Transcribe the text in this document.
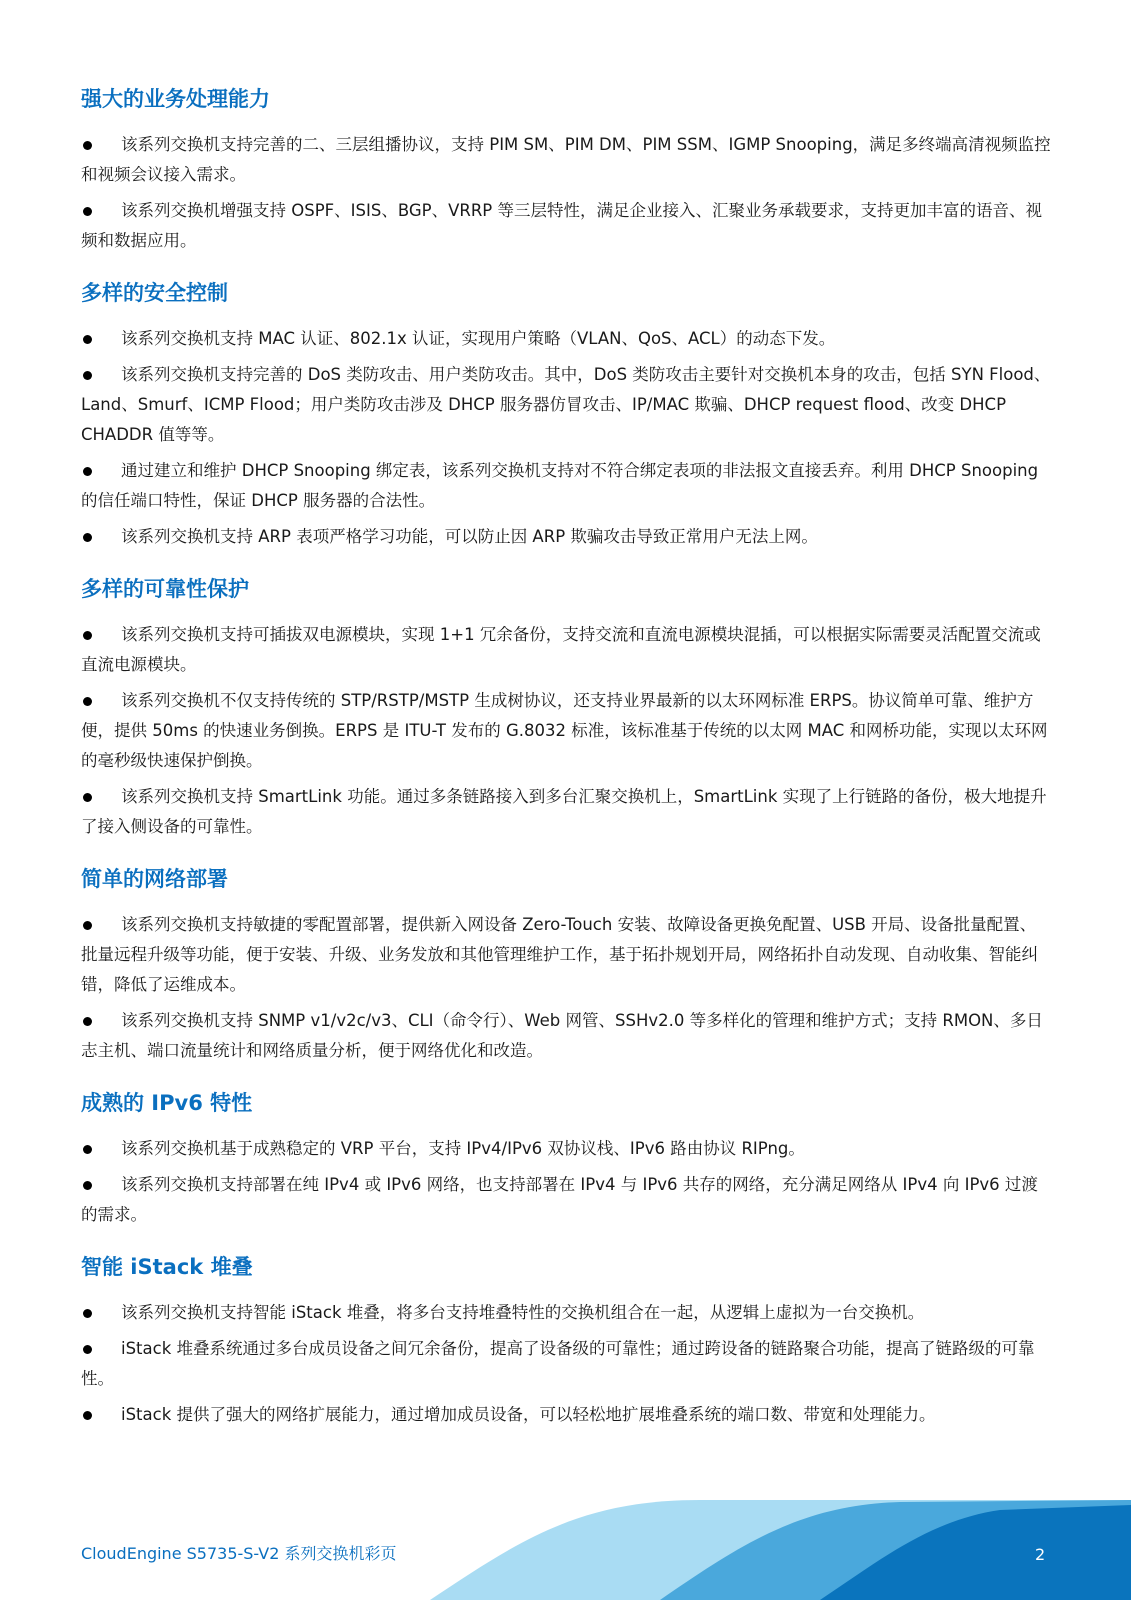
强大的业务处理能力
该系列交换机支持完善的二、三层组播协议，支持 PIM SM、PIM DM、PIM SSM、IGMP Snooping，满足多终端高清视频监控和视频会议接入需求。
该系列交换机增强支持 OSPF、ISIS、BGP、VRRP 等三层特性，满足企业接入、汇聚业务承载要求，支持更加丰富的语音、视频和数据应用。
多样的安全控制
该系列交换机支持 MAC 认证、802.1x 认证，实现用户策略（VLAN、QoS、ACL）的动态下发。
该系列交换机支持完善的 DoS 类防攻击、用户类防攻击。其中，DoS 类防攻击主要针对交换机本身的攻击，包括 SYN Flood、Land、Smurf、ICMP Flood；用户类防攻击涉及 DHCP 服务器仿冒攻击、IP/MAC 欺骗、DHCP request flood、改变 DHCP CHADDR 值等等。
通过建立和维护 DHCP Snooping 绑定表，该系列交换机支持对不符合绑定表项的非法报文直接丢弃。利用 DHCP Snooping 的信任端口特性，保证 DHCP 服务器的合法性。
该系列交换机支持 ARP 表项严格学习功能，可以防止因 ARP 欺骗攻击导致正常用户无法上网。
多样的可靠性保护
该系列交换机支持可插拔双电源模块，实现 1+1 冗余备份，支持交流和直流电源模块混插，可以根据实际需要灵活配置交流或直流电源模块。
该系列交换机不仅支持传统的 STP/RSTP/MSTP 生成树协议，还支持业界最新的以太环网标准 ERPS。协议简单可靠、维护方便，提供 50ms 的快速业务倒换。ERPS 是 ITU-T 发布的 G.8032 标准，该标准基于传统的以太网 MAC 和网桥功能，实现以太环网的毫秒级快速保护倒换。
该系列交换机支持 SmartLink 功能。通过多条链路接入到多台汇聚交换机上，SmartLink 实现了上行链路的备份，极大地提升了接入侧设备的可靠性。
简单的网络部署
该系列交换机支持敏捷的零配置部署，提供新入网设备 Zero-Touch 安装、故障设备更换免配置、USB 开局、设备批量配置、批量远程升级等功能，便于安装、升级、业务发放和其他管理维护工作，基于拓扑规划开局，网络拓扑自动发现、自动收集、智能纠错，降低了运维成本。
该系列交换机支持 SNMP v1/v2c/v3、CLI（命令行）、Web 网管、SSHv2.0 等多样化的管理和维护方式；支持 RMON、多日志主机、端口流量统计和网络质量分析，便于网络优化和改造。
成熟的 IPv6 特性
该系列交换机基于成熟稳定的 VRP 平台，支持 IPv4/IPv6 双协议栈、IPv6 路由协议 RIPng。
该系列交换机支持部署在纯 IPv4 或 IPv6 网络，也支持部署在 IPv4 与 IPv6 共存的网络，充分满足网络从 IPv4 向 IPv6 过渡的需求。
智能 iStack 堆叠
该系列交换机支持智能 iStack 堆叠，将多台支持堆叠特性的交换机组合在一起，从逻辑上虚拟为一台交换机。
iStack 堆叠系统通过多台成员设备之间冗余备份，提高了设备级的可靠性；通过跨设备的链路聚合功能，提高了链路级的可靠性。
iStack 提供了强大的网络扩展能力，通过增加成员设备，可以轻松地扩展堆叠系统的端口数、带宽和处理能力。
CloudEngine S5735-S-V2 系列交换机彩页	2
